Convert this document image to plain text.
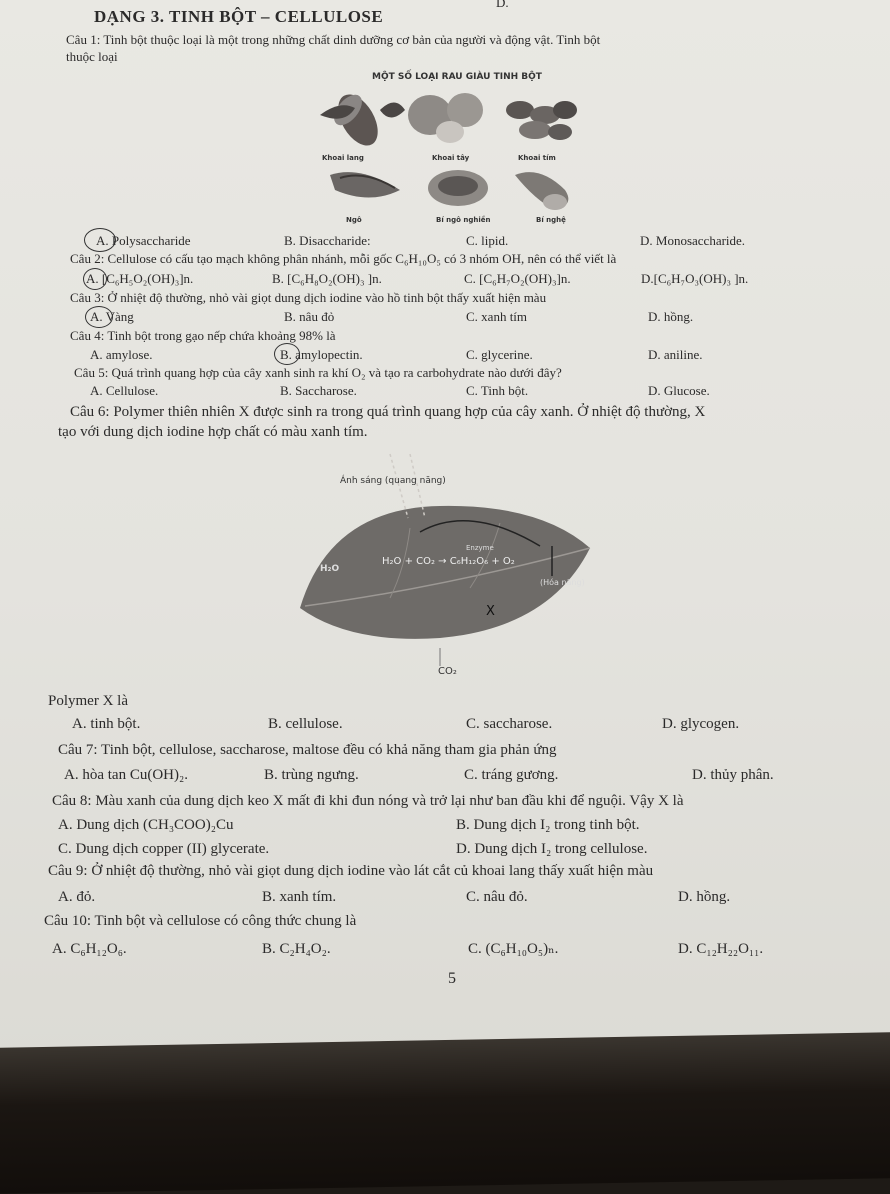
D.
DẠNG 3. TINH BỘT – CELLULOSE
Câu 1: Tinh bột thuộc loại là một trong những chất dinh dưỡng cơ bản của người và động vật. Tinh bột
thuộc loại
MỘT SỐ LOẠI RAU GIÀU TINH BỘT
Khoai lang	Khoai tây	Khoai tím
Ngô	Bí ngô nghiền	Bí nghệ
A. Polysaccharide	B. Disaccharide:	C. lipid.	D. Monosaccharide.
Câu 2: Cellulose có cấu tạo mạch không phân nhánh, mỗi gốc C₆H₁₀O₅ có 3 nhóm OH, nên có thể viết là
A. [C₆H₅O₂(OH)₃]n.	B. [C₆H₈O₂(OH)₃ ]n.	C. [C₆H₇O₂(OH)₃]n.	D.[C₆H₇O₃(OH)₃ ]n.
Câu 3: Ở nhiệt độ thường, nhỏ vài giọt dung dịch iodine vào hồ tinh bột thấy xuất hiện màu
A. Vàng	B. nâu đỏ	C. xanh tím	D. hồng.
Câu 4: Tinh bột trong gạo nếp chứa khoảng 98% là
A. amylose.	B. amylopectin.	C. glycerine.	D. aniline.
Câu 5: Quá trình quang hợp của cây xanh sinh ra khí O₂ và tạo ra carbohydrate nào dưới đây?
A. Cellulose.	B. Saccharose.	C. Tinh bột.	D. Glucose.
Câu 6: Polymer thiên nhiên X được sinh ra trong quá trình quang hợp của cây xanh. Ở nhiệt độ thường, X
tạo với dung dịch iodine hợp chất có màu xanh tím.
Ánh sáng (quang năng)
H₂O
Enzyme
H₂O + CO₂ → C₆H₁₂O₆ + O₂
(Hóa năng)
X
CO₂
Polymer X là
A. tinh bột.	B. cellulose.	C. saccharose.	D. glycogen.
Câu 7: Tinh bột, cellulose, saccharose, maltose đều có khả năng tham gia phản ứng
A. hòa tan Cu(OH)₂.	B. trùng ngưng.	C. tráng gương.	D. thủy phân.
Câu 8: Màu xanh của dung dịch keo X mất đi khi đun nóng và trở lại như ban đầu khi để nguội. Vậy X là
A. Dung dịch (CH₃COO)₂Cu	B. Dung dịch I₂ trong tinh bột.
C. Dung dịch copper (II) glycerate.	D. Dung dịch I₂ trong cellulose.
Câu 9: Ở nhiệt độ thường, nhỏ vài giọt dung dịch iodine vào lát cắt củ khoai lang thấy xuất hiện màu
A. đỏ.	B. xanh tím.	C. nâu đỏ.	D. hồng.
Câu 10: Tinh bột và cellulose có công thức chung là
A. C₆H₁₂O₆.	B. C₂H₄O₂.	C. (C₆H₁₀O₅)ₙ.	D. C₁₂H₂₂O₁₁.
5
